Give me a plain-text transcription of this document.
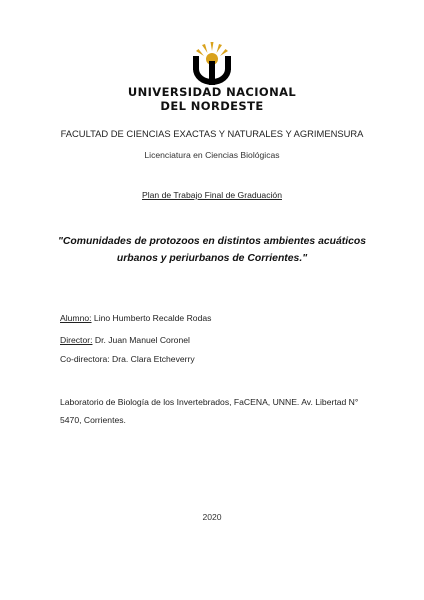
UNIVERSIDAD NACIONAL
DEL NORDESTE
FACULTAD DE CIENCIAS EXACTAS Y NATURALES Y AGRIMENSURA
Licenciatura en Ciencias Biológicas
Plan de Trabajo Final de Graduación
"Comunidades de protozoos en distintos ambientes acuáticos
urbanos y periurbanos de Corrientes."
Alumno: Lino Humberto Recalde Rodas
Director: Dr. Juan Manuel Coronel
Co-directora: Dra. Clara Etcheverry
Laboratorio de Biología de los Invertebrados, FaCENA, UNNE. Av. Libertad N° 5470, Corrientes.
2020
